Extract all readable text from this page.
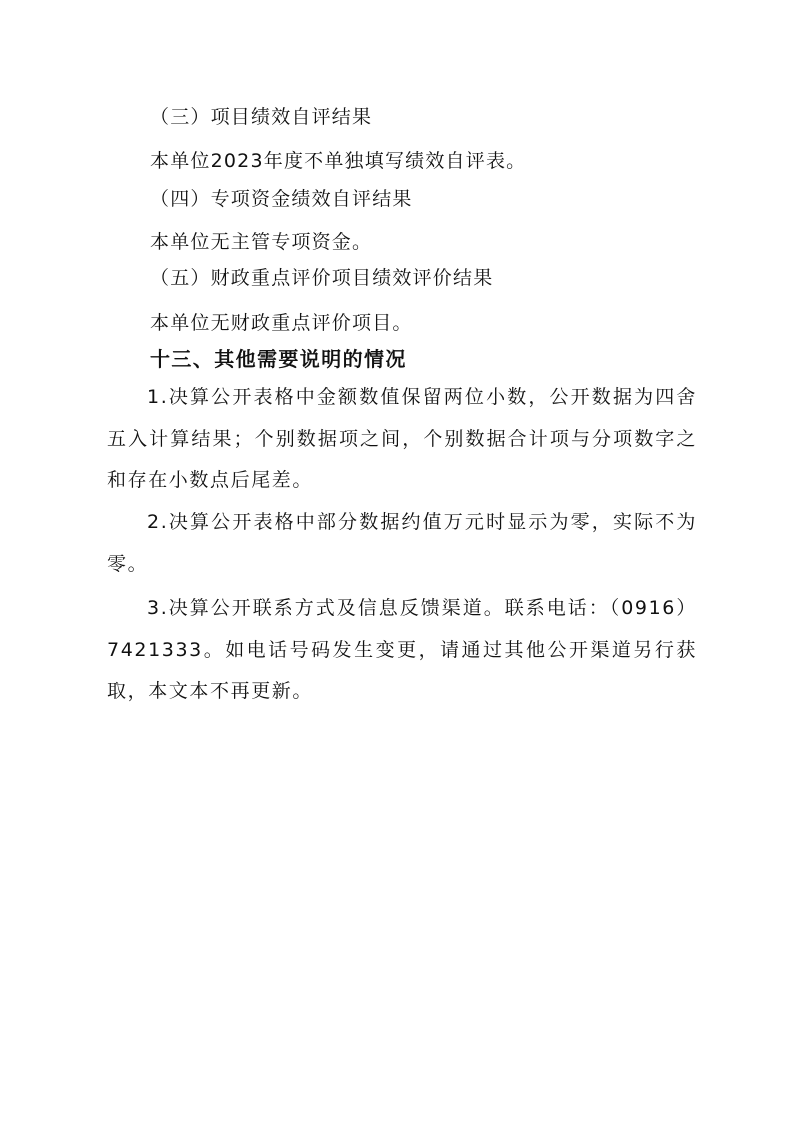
（三）项目绩效自评结果
本单位2023年度不单独填写绩效自评表。
（四）专项资金绩效自评结果
本单位无主管专项资金。
（五）财政重点评价项目绩效评价结果
本单位无财政重点评价项目。
十三、其他需要说明的情况
1.决算公开表格中金额数值保留两位小数，公开数据为四舍五入计算结果；个别数据项之间，个别数据合计项与分项数字之和存在小数点后尾差。
2.决算公开表格中部分数据约值万元时显示为零，实际不为零。
3.决算公开联系方式及信息反馈渠道。联系电话：（0916）7421333。如电话号码发生变更，请通过其他公开渠道另行获取，本文本不再更新。
